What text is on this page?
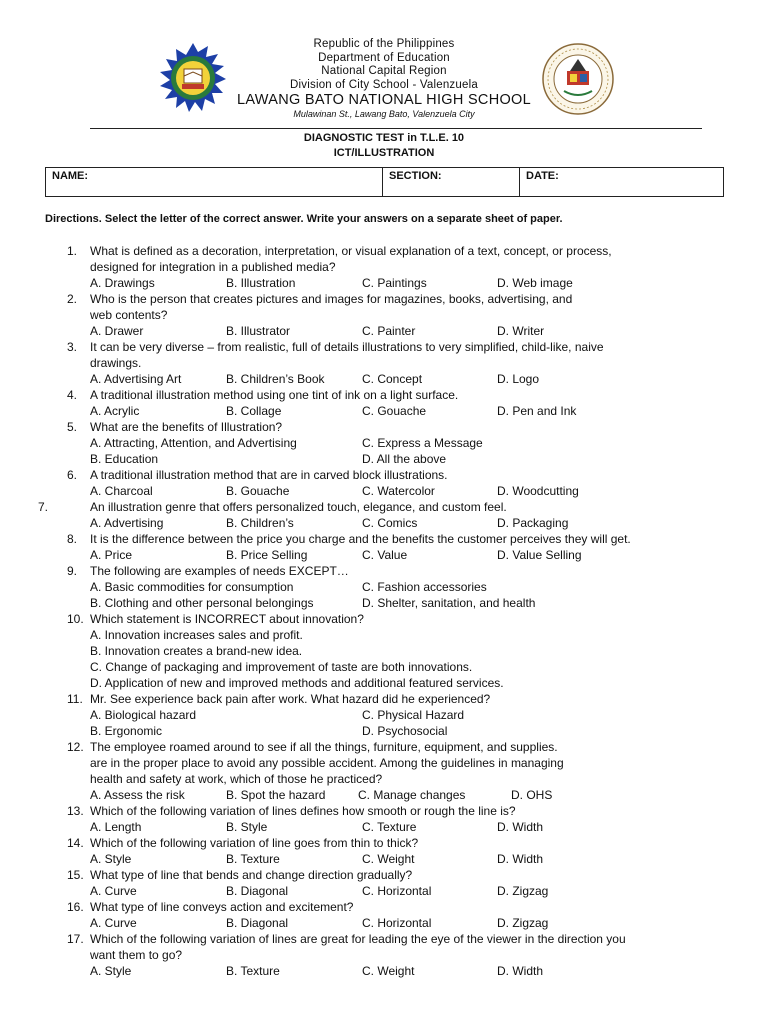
Republic of the Philippines
Department of Education
National Capital Region
Division of City School - Valenzuela
LAWANG BATO NATIONAL HIGH SCHOOL
Mulawinan St., Lawang Bato, Valenzuela City
DIAGNOSTIC TEST in T.L.E. 10
ICT/ILLUSTRATION
NAME:	SECTION:	DATE:
Directions. Select the letter of the correct answer. Write your answers on a separate sheet of paper.
1. What is defined as a decoration, interpretation, or visual explanation of a text, concept, or process,
designed for integration in a published media?
A. Drawings	B. Illustration	C. Paintings	D. Web image
2. Who is the person that creates pictures and images for magazines, books, advertising, and
web contents?
A. Drawer	B. Illustrator	C. Painter	D. Writer
3. It can be very diverse – from realistic, full of details illustrations to very simplified, child-like, naive
drawings.
A. Advertising Art	B. Children’s Book	C. Concept	D. Logo
4. A traditional illustration method using one tint of ink on a light surface.
A. Acrylic	B. Collage	C. Gouache	D. Pen and Ink
5. What are the benefits of Illustration?
A. Attracting, Attention, and Advertising	C. Express a Message
B. Education	D. All the above
6. A traditional illustration method that are in carved block illustrations.
A. Charcoal	B. Gouache	C. Watercolor	D. Woodcutting
7.	An illustration genre that offers personalized touch, elegance, and custom feel.
A. Advertising	B. Children’s	C. Comics	D. Packaging
8. It is the difference between the price you charge and the benefits the customer perceives they will get.
A. Price	B. Price Selling	C. Value	D. Value Selling
9. The following are examples of needs EXCEPT…
A. Basic commodities for consumption	C. Fashion accessories
B. Clothing and other personal belongings	D. Shelter, sanitation, and health
10. Which statement is INCORRECT about innovation?
A. Innovation increases sales and profit.
B. Innovation creates a brand-new idea.
C. Change of packaging and improvement of taste are both innovations.
D. Application of new and improved methods and additional featured services.
11. Mr. See experience back pain after work. What hazard did he experienced?
A. Biological hazard	C. Physical Hazard
B. Ergonomic	D. Psychosocial
12. The employee roamed around to see if all the things, furniture, equipment, and supplies.
are in the proper place to avoid any possible accident. Among the guidelines in managing
health and safety at work, which of those he practiced?
A. Assess the risk	B. Spot the hazard	C. Manage changes	D. OHS
13. Which of the following variation of lines defines how smooth or rough the line is?
A. Length	B. Style	C. Texture	D. Width
14. Which of the following variation of line goes from thin to thick?
A. Style	B. Texture	C. Weight	D. Width
15. What type of line that bends and change direction gradually?
A. Curve	B. Diagonal	C. Horizontal	D. Zigzag
16. What type of line conveys action and excitement?
A. Curve	B. Diagonal	C. Horizontal	D. Zigzag
17. Which of the following variation of lines are great for leading the eye of the viewer in the direction you
want them to go?
A. Style	B. Texture	C. Weight	D. Width
